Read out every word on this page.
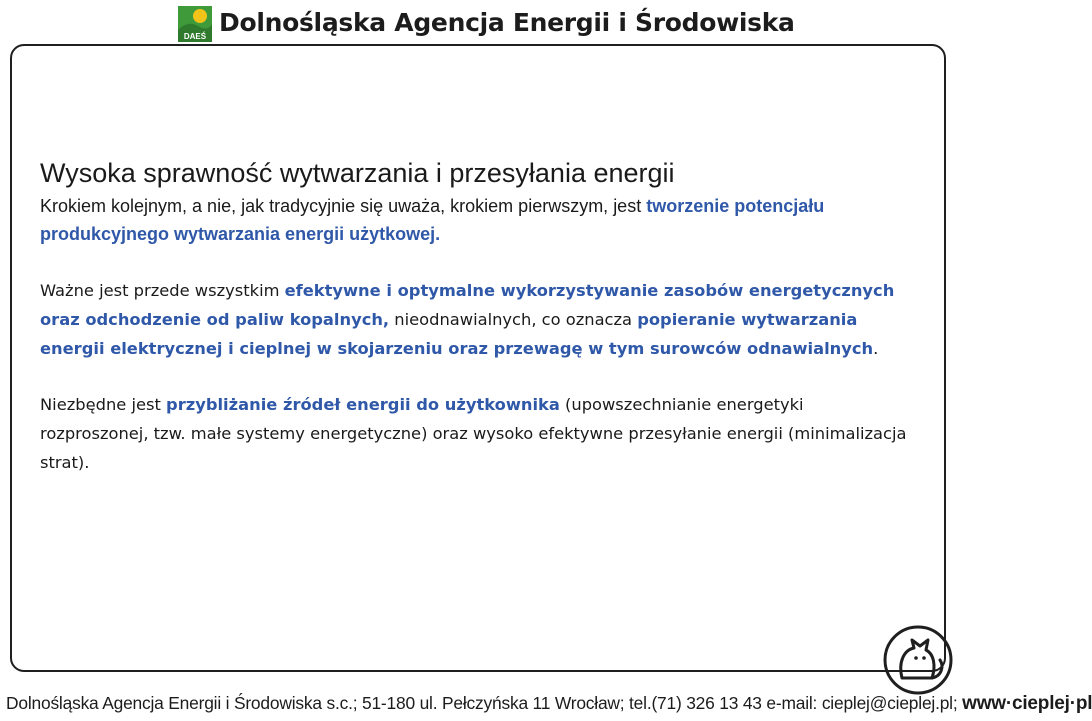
DAEŚ Dolnośląska Agencja Energii i Środowiska
Wysoka sprawność wytwarzania i przesyłania energii

Krokiem kolejnym, a nie, jak tradycyjnie się uważa, krokiem pierwszym, jest tworzenie potencjału produkcyjnego wytwarzania energii użytkowej.

Ważne jest przede wszystkim efektywne i optymalne wykorzystywanie zasobów energetycznych oraz odchodzenie od paliw kopalnych, nieodnawialnych, co oznacza popieranie wytwarzania energii elektrycznej i cieplnej w skojarzeniu oraz przewagę w tym surowców odnawialnych.

Niezbędne jest przybliżanie źródeł energii do użytkownika (upowszechnianie energetyki rozproszonej, tzw. małe systemy energetyczne) oraz wysoko efektywne przesyłanie energii (minimalizacja strat).

Dolnośląska Agencja Energii i Środowiska s.c.; 51-180 ul. Pełczyńska 11 Wrocław; tel.(71) 326 13 43 e-mail: cieplej@cieplej.pl; www·cieplej·pl
